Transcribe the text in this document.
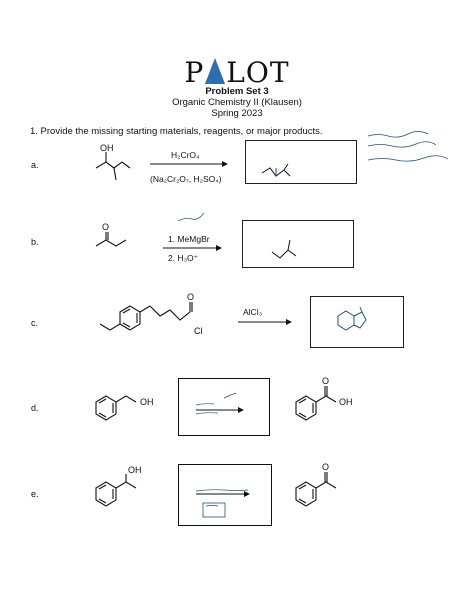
P LOT
Problem Set 3
Organic Chemistry II (Klausen)
Spring 2023
1. Provide the missing starting materials, reagents, or major products.
a.
OH
H₂CrO₄
(Na₂Cr₂O₇, H₂SO₄)
b.
O
1. MeMgBr
2. H₃O⁺
c.
O
Cl
AlCl₃
d.
OH
O
OH
e.
OH	O
